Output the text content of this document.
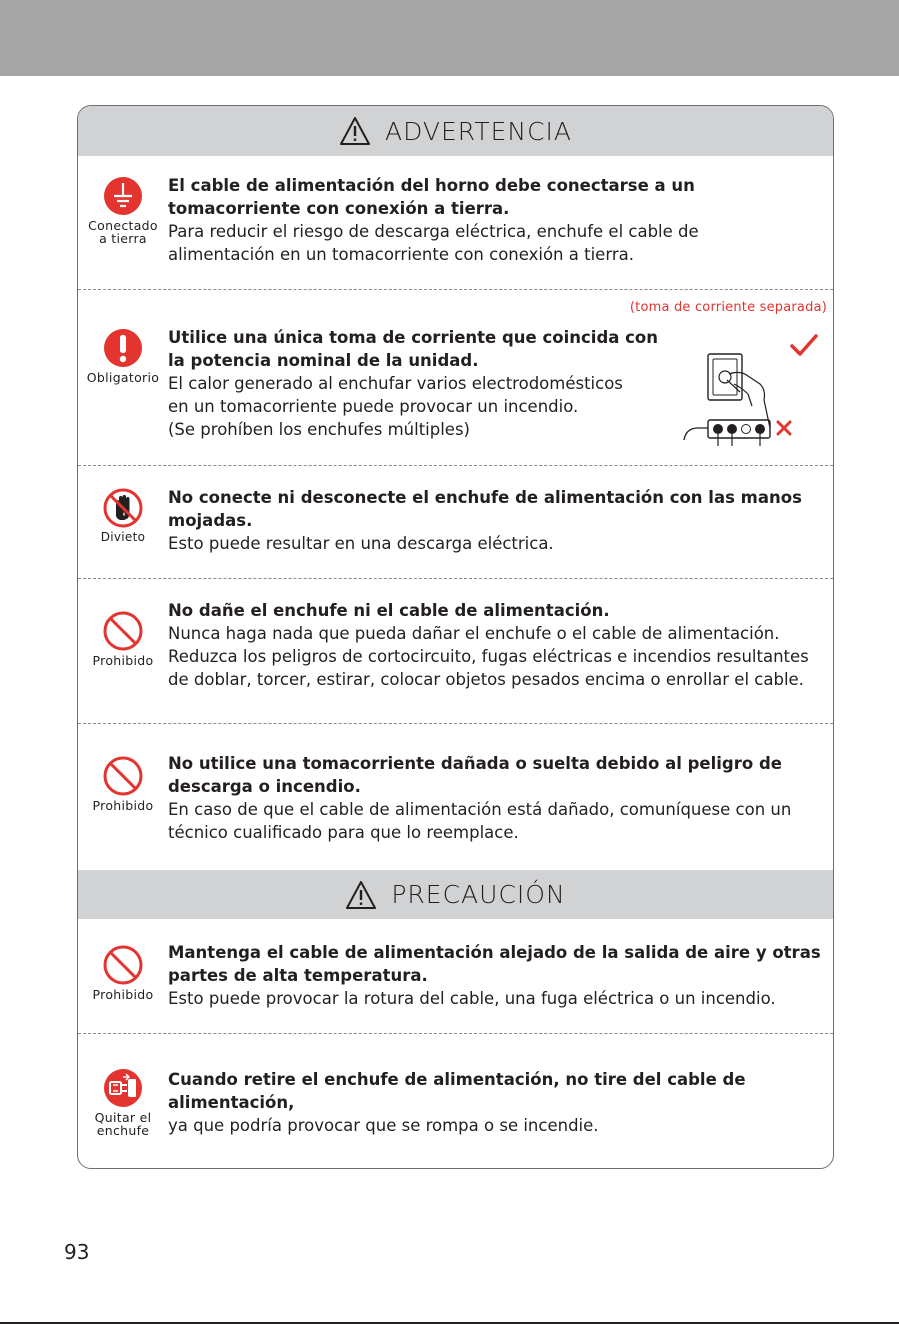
ADVERTENCIA
Conectado
a tierra
El cable de alimentación del horno debe conectarse a un
tomacorriente con conexión a tierra.
Para reducir el riesgo de descarga eléctrica, enchufe el cable de
alimentación en un tomacorriente con conexión a tierra.
(toma de corriente separada)
Obligatorio
Utilice una única toma de corriente que coincida con
la potencia nominal de la unidad.
El calor generado al enchufar varios electrodomésticos
en un tomacorriente puede provocar un incendio.
(Se prohíben los enchufes múltiples)
Divieto
No conecte ni desconecte el enchufe de alimentación con las manos
mojadas.
Esto puede resultar en una descarga eléctrica.
Prohibido
No dañe el enchufe ni el cable de alimentación.
Nunca haga nada que pueda dañar el enchufe o el cable de alimentación.
Reduzca los peligros de cortocircuito, fugas eléctricas e incendios resultantes
de doblar, torcer, estirar, colocar objetos pesados encima o enrollar el cable.
Prohibido
No utilice una tomacorriente dañada o suelta debido al peligro de
descarga o incendio.
En caso de que el cable de alimentación está dañado, comuníquese con un
técnico cualificado para que lo reemplace.
PRECAUCIÓN
Prohibido
Mantenga el cable de alimentación alejado de la salida de aire y otras
partes de alta temperatura.
Esto puede provocar la rotura del cable, una fuga eléctrica o un incendio.
Quitar el
enchufe
Cuando retire el enchufe de alimentación, no tire del cable de
alimentación,
ya que podría provocar que se rompa o se incendie.
93
